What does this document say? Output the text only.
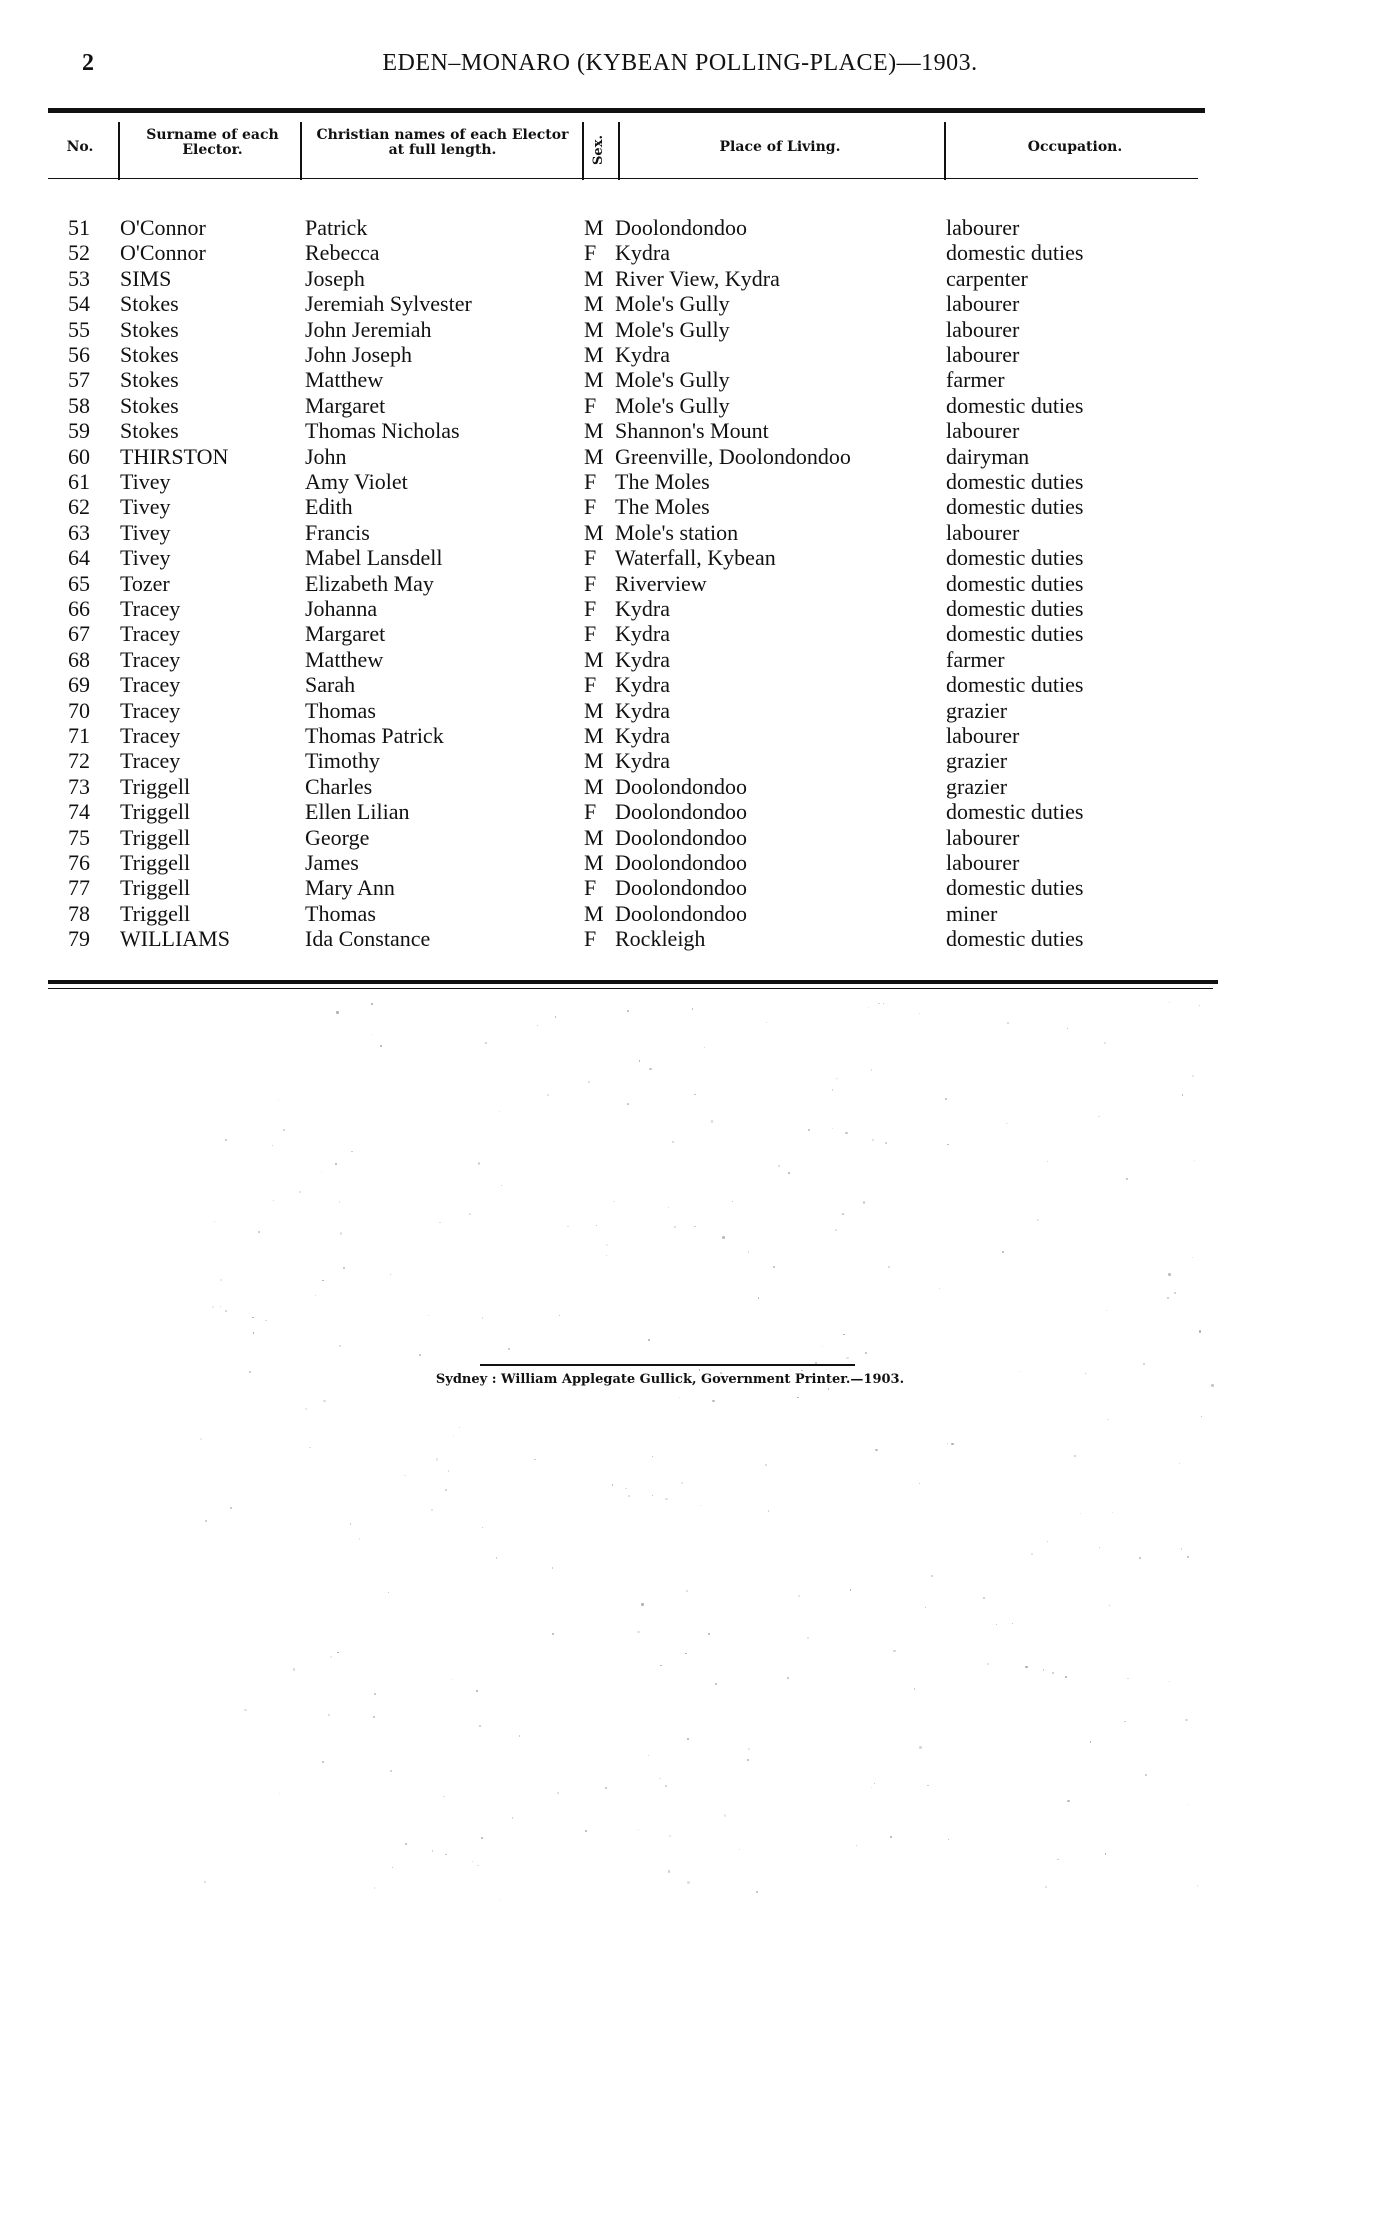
2	EDEN–MONARO (KYBEAN POLLING-PLACE)—1903.
No.
Surname of each Elector.
Christian names of each Elector at full length.	Sex.	Place of Living.	Occupation.
51 O'Connor	Patrick	M Doolondondoo	labourer
52 O'Connor	Rebecca	F Kydra	domestic duties
53 SIMS	Joseph	M River View, Kydra	carpenter
54 Stokes	Jeremiah Sylvester	M Mole's Gully	labourer
55 Stokes	John Jeremiah	M Mole's Gully	labourer
56 Stokes	John Joseph	M Kydra	labourer
57 Stokes	Matthew	M Mole's Gully	farmer
58 Stokes	Margaret	F Mole's Gully	domestic duties
59 Stokes	Thomas Nicholas	M Shannon's Mount	labourer
60 THIRSTON	John	M Greenville, Doolondondoo	dairyman
61 Tivey	Amy Violet	F The Moles	domestic duties
62 Tivey	Edith	F The Moles	domestic duties
63 Tivey	Francis	M Mole's station	labourer
64 Tivey	Mabel Lansdell	F Waterfall, Kybean	domestic duties
65 Tozer	Elizabeth May	F Riverview	domestic duties
66 Tracey	Johanna	F Kydra	domestic duties
67 Tracey	Margaret	F Kydra	domestic duties
68 Tracey	Matthew	M Kydra	farmer
69 Tracey	Sarah	F Kydra	domestic duties
70 Tracey	Thomas	M Kydra	grazier
71 Tracey	Thomas Patrick	M Kydra	labourer
72 Tracey	Timothy	M Kydra	grazier
73 Triggell	Charles	M Doolondondoo	grazier
74 Triggell	Ellen Lilian	F Doolondondoo	domestic duties
75 Triggell	George	M Doolondondoo	labourer
76 Triggell	James	M Doolondondoo	labourer
77 Triggell	Mary Ann	F Doolondondoo	domestic duties
78 Triggell	Thomas	M Doolondondoo	miner
79 WILLIAMS	Ida Constance	F Rockleigh	domestic duties
Sydney : William Applegate Gullick, Government Printer.—1903.
